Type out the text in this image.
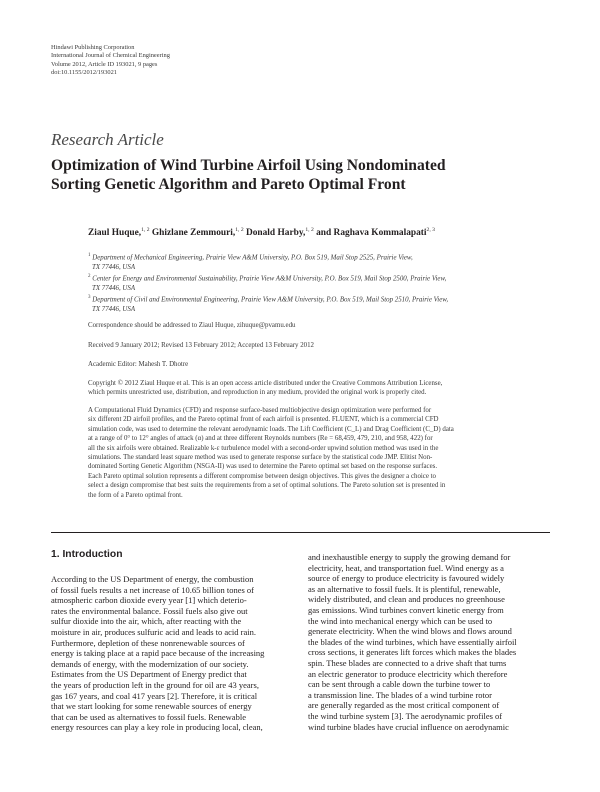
Hindawi Publishing Corporation
International Journal of Chemical Engineering
Volume 2012, Article ID 193021, 9 pages
doi:10.1155/2012/193021
Research Article
Optimization of Wind Turbine Airfoil Using Nondominated
Sorting Genetic Algorithm and Pareto Optimal Front
Ziaul Huque,$^{1, 2}$ Ghizlane Zemmouri,$^{1, 2}$ Donald Harby,$^{1, 2}$ and Raghava Kommalapati$^{2, 3}$
$^1$ Department of Mechanical Engineering, Prairie View A&M University, P.O. Box 519, Mail Stop 2525, Prairie View,
TX 77446, USA
$^2$ Center for Energy and Environmental Sustainability, Prairie View A&M University, P.O. Box 519, Mail Stop 2500, Prairie View,
TX 77446, USA
$^3$ Department of Civil and Environmental Engineering, Prairie View A&M University, P.O. Box 519, Mail Stop 2510, Prairie View,
TX 77446, USA
Correspondence should be addressed to Ziaul Huque, zihuque@pvamu.edu
Received 9 January 2012; Revised 13 February 2012; Accepted 13 February 2012
Academic Editor: Mahesh T. Dhotre
Copyright © 2012 Ziaul Huque et al. This is an open access article distributed under the Creative Commons Attribution License,
which permits unrestricted use, distribution, and reproduction in any medium, provided the original work is properly cited.
A Computational Fluid Dynamics (CFD) and response surface-based multiobjective design optimization were performed for
six different 2D airfoil profiles, and the Pareto optimal front of each airfoil is presented. FLUENT, which is a commercial CFD
simulation code, was used to determine the relevant aerodynamic loads. The Lift Coefficient (C_L) and Drag Coefficient (C_D) data
at a range of 0° to 12° angles of attack (α) and at three different Reynolds numbers (Re = 68,459, 479, 210, and 958, 422) for
all the six airfoils were obtained. Realizable k-ε turbulence model with a second-order upwind solution method was used in the
simulations. The standard least square method was used to generate response surface by the statistical code JMP. Elitist Non-
dominated Sorting Genetic Algorithm (NSGA-II) was used to determine the Pareto optimal set based on the response surfaces.
Each Pareto optimal solution represents a different compromise between design objectives. This gives the designer a choice to
select a design compromise that best suits the requirements from a set of optimal solutions. The Pareto solution set is presented in
the form of a Pareto optimal front.
1. Introduction
According to the US Department of energy, the combustion
of fossil fuels results a net increase of 10.65 billion tones of
atmospheric carbon dioxide every year [1] which deterio-
rates the environmental balance. Fossil fuels also give out
sulfur dioxide into the air, which, after reacting with the
moisture in air, produces sulfuric acid and leads to acid rain.
Furthermore, depletion of these nonrenewable sources of
energy is taking place at a rapid pace because of the increasing
demands of energy, with the modernization of our society.
Estimates from the US Department of Energy predict that
the years of production left in the ground for oil are 43 years,
gas 167 years, and coal 417 years [2]. Therefore, it is critical
that we start looking for some renewable sources of energy
that can be used as alternatives to fossil fuels. Renewable
energy resources can play a key role in producing local, clean,
and inexhaustible energy to supply the growing demand for
electricity, heat, and transportation fuel. Wind energy as a
source of energy to produce electricity is favoured widely
as an alternative to fossil fuels. It is plentiful, renewable,
widely distributed, and clean and produces no greenhouse
gas emissions. Wind turbines convert kinetic energy from
the wind into mechanical energy which can be used to
generate electricity. When the wind blows and flows around
the blades of the wind turbines, which have essentially airfoil
cross sections, it generates lift forces which makes the blades
spin. These blades are connected to a drive shaft that turns
an electric generator to produce electricity which therefore
can be sent through a cable down the turbine tower to
a transmission line. The blades of a wind turbine rotor
are generally regarded as the most critical component of
the wind turbine system [3]. The aerodynamic profiles of
wind turbine blades have crucial influence on aerodynamic
